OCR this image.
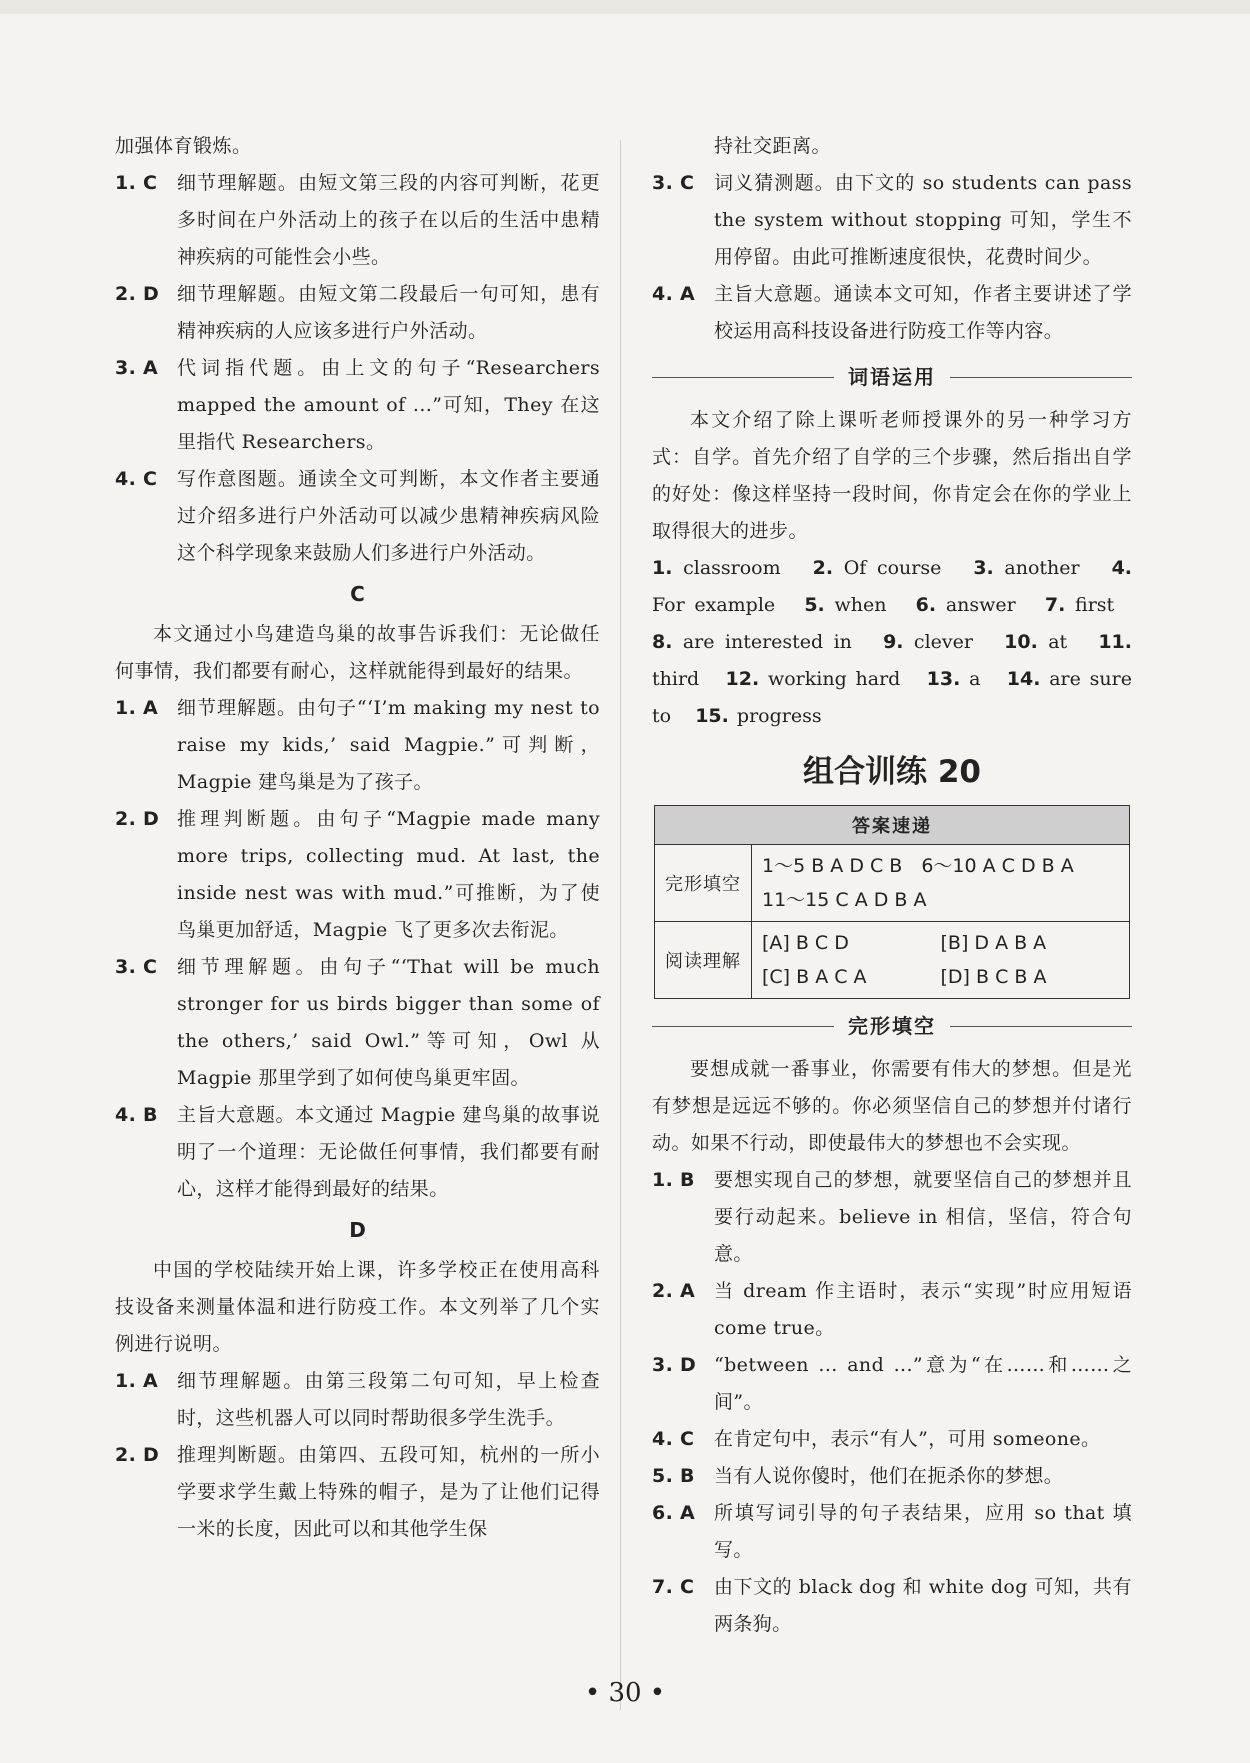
加强体育锻炼。

1. C	细节理解题。由短文第三段的内容可判断，花更多时间在户外活动上的孩子在以后的生活中患精神疾病的可能性会小些。
2. D 细节理解题。由短文第二段最后一句可知，患有精神疾病的人应该多进行户外活动。
3. A 代词指代题。由上文的句子“Researchers mapped the amount of ...”可知，They 在这里指代 Researchers。
4. C	写作意图题。通读全文可判断，本文作者主要通过介绍多进行户外活动可以减少患精神疾病风险这个科学现象来鼓励人们多进行户外活动。
C

本文通过小鸟建造鸟巢的故事告诉我们：无论做任何事情，我们都要有耐心，这样就能得到最好的结果。

1. A 细节理解题。由句子“‘I’m making my nest to raise my kids,’ said Magpie.”可判断，Magpie 建鸟巢是为了孩子。
2. D 推理判断题。由句子“Magpie made many more trips, collecting mud. At last, the inside nest was with mud.”可推断，为了使鸟巢更加舒适，Magpie 飞了更多次去衔泥。
3. C	细节理解题。由句子“‘That will be much stronger for us birds bigger than some of the others,’ said Owl.”等可知，Owl 从 Magpie 那里学到了如何使鸟巢更牢固。
4. B	主旨大意题。本文通过 Magpie 建鸟巢的故事说明了一个道理：无论做任何事情，我们都要有耐心，这样才能得到最好的结果。
D

中国的学校陆续开始上课，许多学校正在使用高科技设备来测量体温和进行防疫工作。本文列举了几个实例进行说明。

1. A 细节理解题。由第三段第二句可知，早上检查时，这些机器人可以同时帮助很多学生洗手。
2. D 推理判断题。由第四、五段可知，杭州的一所小学要求学生戴上特殊的帽子，是为了让他们记得一米的长度，因此可以和其他学生保

持社交距离。

3. C	词义猜测题。由下文的 so students can pass the system without stopping 可知，学生不用停留。由此可推断速度很快，花费时间少。
4. A 主旨大意题。通读本文可知，作者主要讲述了学校运用高科技设备进行防疫工作等内容。
词语运用

本文介绍了除上课听老师授课外的另一种学习方式：自学。首先介绍了自学的三个步骤，然后指出自学的好处：像这样坚持一段时间，你肯定会在你的学业上取得很大的进步。

1. classroom 2. Of course 3. another 4. For example 5. when 6. answer 7. first   8. are interested in 9. clever 10. at 11. third 12. working hard 13. a 14. are sure to 15. progress

组合训练 20
答案速递	
完形填空	1～5 B A D C B　6～10 A C D B A
11～15 C A D B A

阅读理解	[A] B C D [B] D A B A
[C] B A C A [D] B C B A
完形填空

要想成就一番事业，你需要有伟大的梦想。但是光有梦想是远远不够的。你必须坚信自己的梦想并付诸行动。如果不行动，即使最伟大的梦想也不会实现。

1. B	要想实现自己的梦想，就要坚信自己的梦想并且要行动起来。believe in 相信，坚信，符合句意。
2. A 当 dream 作主语时，表示“实现”时应用短语 come true。
3. D “between ... and ...”意为“在……和……之间”。
4. C	在肯定句中，表示“有人”，可用 someone。
5. B	当有人说你傻时，他们在扼杀你的梦想。
6. A 所填写词引导的句子表结果，应用 so that 填写。
7. C	由下文的 black dog 和 white dog 可知，共有两条狗。
• 30 •
